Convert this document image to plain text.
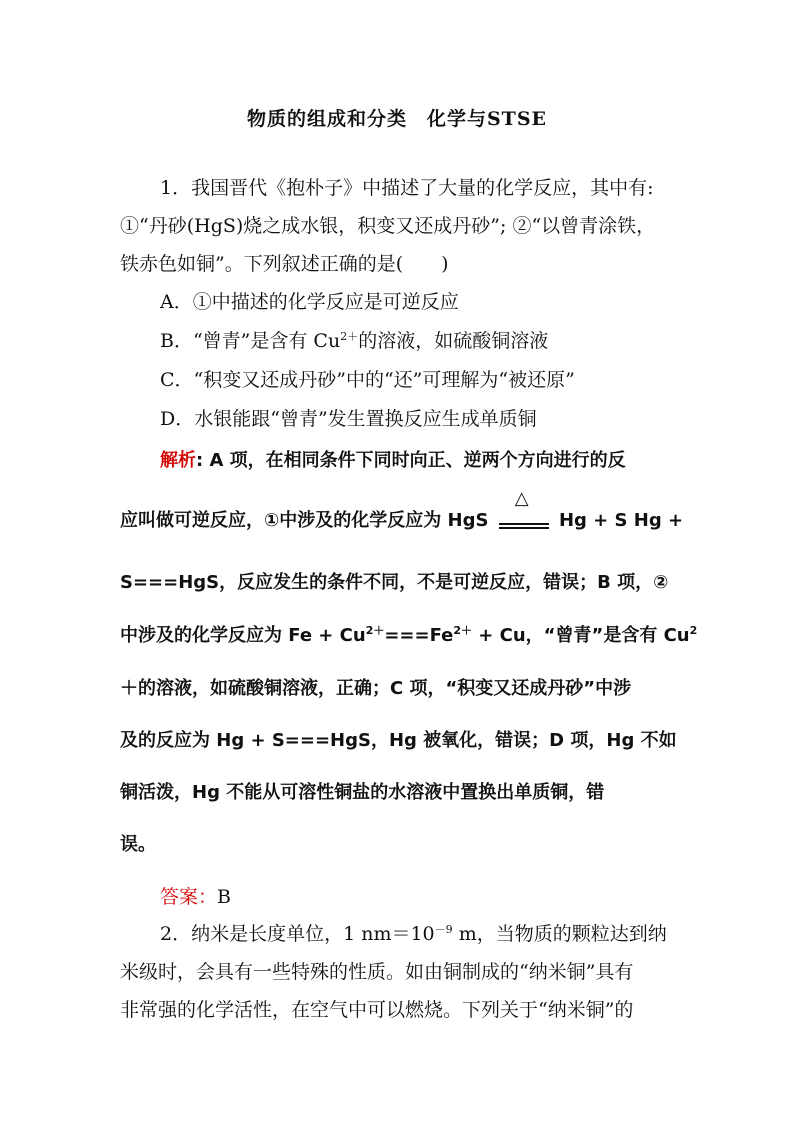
物质的组成和分类　化学与STSE
1．我国晋代《抱朴子》中描述了大量的化学反应，其中有:
①“丹砂(HgS)烧之成水银，积变又还成丹砂”; ②“以曾青涂铁，
铁赤色如铜”。下列叙述正确的是(　　)
A．①中描述的化学反应是可逆反应
B．“曾青”是含有 $Cu^{2+}$的溶液，如硫酸铜溶液
C．“积变又还成丹砂”中的“还”可理解为“被还原”
D．水银能跟“曾青”发生置换反应生成单质铜
解析: A 项，在相同条件下同时向正、逆两个方向进行的反
应叫做可逆反应，①中涉及的化学反应为 HgS
△
Hg + S Hg +
S===HgS，反应发生的条件不同，不是可逆反应，错误；B 项，②
中涉及的化学反应为 $Fe + Cu^{2+}===Fe^{2+} + Cu$，“曾青”是含有 $Cu^2$
＋的溶液，如硫酸铜溶液，正确；C 项，“积变又还成丹砂”中涉
及的反应为 Hg + S===HgS，Hg 被氧化，错误；D 项，Hg 不如
铜活泼，Hg 不能从可溶性铜盐的水溶液中置换出单质铜，错
误。
答案：B
2．纳米是长度单位，1 $nm=10^{-9}$ m，当物质的颗粒达到纳
米级时，会具有一些特殊的性质。如由铜制成的“纳米铜”具有
非常强的化学活性，在空气中可以燃烧。下列关于“纳米铜”的
